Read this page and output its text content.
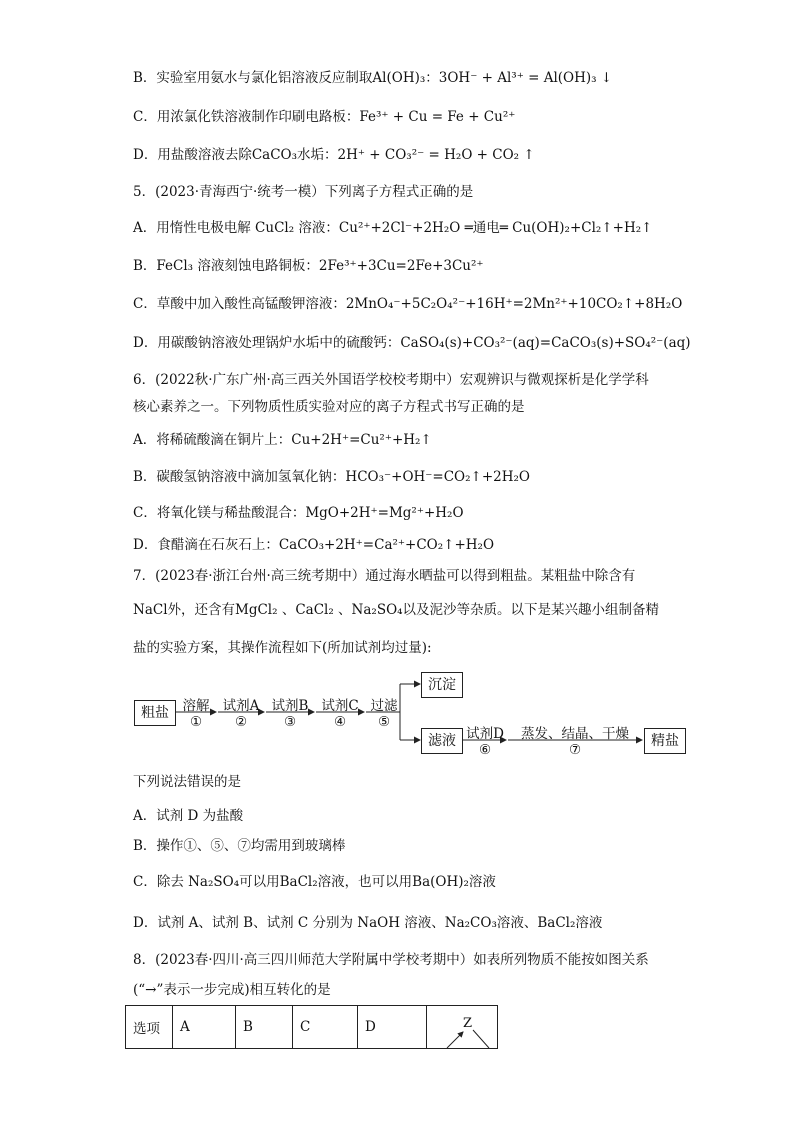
B．实验室用氨水与氯化铝溶液反应制取Al(OH)₃：3OH⁻ + Al³⁺ = Al(OH)₃ ↓
C．用浓氯化铁溶液制作印刷电路板：Fe³⁺ + Cu = Fe + Cu²⁺
D．用盐酸溶液去除CaCO₃水垢：2H⁺ + CO₃²⁻ = H₂O + CO₂ ↑
5．(2023·青海西宁·统考一模）下列离子方程式正确的是
A．用惰性电极电解 CuCl₂ 溶液：Cu²⁺+2Cl⁻+2H₂O ═通电═ Cu(OH)₂+Cl₂↑+H₂↑
B．FeCl₃ 溶液刻蚀电路铜板：2Fe³⁺+3Cu=2Fe+3Cu²⁺
C．草酸中加入酸性高锰酸钾溶液：2MnO₄⁻+5C₂O₄²⁻+16H⁺=2Mn²⁺+10CO₂↑+8H₂O
D．用碳酸钠溶液处理锅炉水垢中的硫酸钙：CaSO₄(s)+CO₃²⁻(aq)=CaCO₃(s)+SO₄²⁻(aq)
6．(2022秋·广东广州·高三西关外国语学校校考期中）宏观辨识与微观探析是化学学科
核心素养之一。下列物质性质实验对应的离子方程式书写正确的是
A．将稀硫酸滴在铜片上：Cu+2H⁺=Cu²⁺+H₂↑
B．碳酸氢钠溶液中滴加氢氧化钠：HCO₃⁻+OH⁻=CO₂↑+2H₂O
C．将氧化镁与稀盐酸混合：MgO+2H⁺=Mg²⁺+H₂O
D．食醋滴在石灰石上：CaCO₃+2H⁺=Ca²⁺+CO₂↑+H₂O
7．(2023春·浙江台州·高三统考期中）通过海水晒盐可以得到粗盐。某粗盐中除含有
NaCl外，还含有MgCl₂ 、CaCl₂ 、Na₂SO₄以及泥沙等杂质。以下是某兴趣小组制备精
盐的实验方案，其操作流程如下(所加试剂均过量):
粗盐	溶解
①
试剂A
②
试剂B
③
试剂C
④
过滤
⑤
沉淀
滤液 试剂D
⑥
蒸发、结晶、干燥
⑦
精盐
下列说法错误的是
A．试剂 D 为盐酸
B．操作①、⑤、⑦均需用到玻璃棒
C．除去 Na₂SO₄可以用BaCl₂溶液，也可以用Ba(OH)₂溶液
D．试剂 A、试剂 B、试剂 C 分别为 NaOH 溶液、Na₂CO₃溶液、BaCl₂溶液
8．(2023春·四川·高三四川师范大学附属中学校考期中）如表所列物质不能按如图关系
(“→”表示一步完成)相互转化的是
选项	A	B	C	D	Z
